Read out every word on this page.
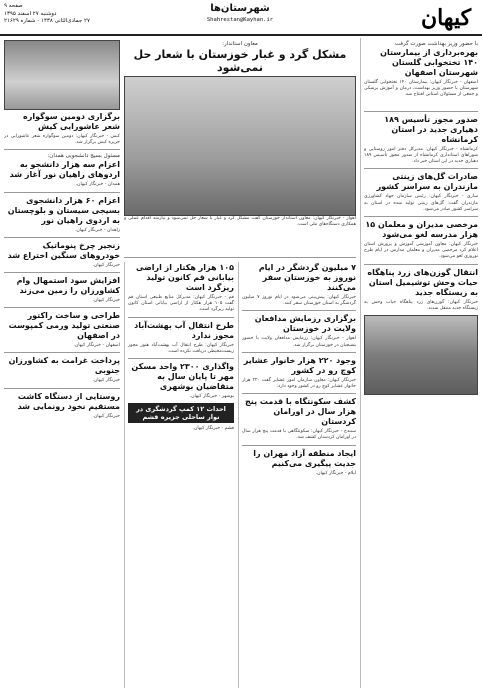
کیهان
شهرستان‌ها
Shahrestan@Kayhan.ir
صفحه ۹
دوشنبه ۲۷ اسفند ۱۳۹۵
۲۷ جمادی‌الثانی ۱۴۳۸ - شماره ۲۱۶۲۹
با حضور وزیر بهداشت صورت گرفت
بهره‌برداری از بیمارستان ۱۴۰ تختخوابی گلستان شهرستان اصفهان
اصفهان - خبرنگار کیهان: بیمارستان ۱۴۰ تختخوابی گلستان شهرستان با حضور وزیر بهداشت، درمان و آموزش پزشکی و جمعی از مسئولان استانی افتتاح شد.

صدور مجوز تأسیس ۱۸۹ دهیاری جدید در استان کرمانشاه
کرمانشاه - خبرنگار کیهان: مدیرکل دفتر امور روستایی و شوراهای استانداری کرمانشاه از صدور مجوز تأسیس ۱۸۹ دهیاری جدید در این استان خبر داد.
صادرات گل‌های زینتی مازندران به سراسر کشور
ساری - خبرنگار کیهان: رئیس سازمان جهاد کشاورزی مازندران گفت: گل‌های زینتی تولید شده در استان به سراسر کشور صادر می‌شود.
مرخصی مدیران و معلمان ۱۵ هزار مدرسه لغو می‌شود
خبرنگار کیهان: معاون آموزشی آموزش و پرورش استان اعلام کرد مرخصی مدیران و معلمان مدارس در ایام طرح نوروزی لغو می‌شود.
انتقال گوزن‌های زرد پناهگاه حیات وحش توشیمیل استان به زیستگاه جدید
خبرنگار کیهان: گوزن‌های زرد پناهگاه حیات وحش به زیستگاه جدید منتقل شدند.
معاون استاندار:
مشکل گرد و غبار خوزستان با شعار حل نمی‌شود
اهواز - خبرنگار کیهان: معاون استاندار خوزستان گفت مشکل گرد و غبار با شعار حل نمی‌شود و نیازمند اقدام عملی و همکاری دستگاه‌های ملی است.
۷ میلیون گردشگر در ایام نوروز به خوزستان سفر می‌کنند
خبرنگار کیهان: پیش‌بینی می‌شود در ایام نوروز ۷ میلیون گردشگر به استان خوزستان سفر کنند.
برگزاری رزمایش مدافعان ولایت در خوزستان
اهواز - خبرنگار کیهان: رزمایش مدافعان ولایت با حضور بسیجیان در خوزستان برگزار شد.
وجود ۲۲۰ هزار خانوار عشایر کوچ رو در کشور
خبرنگار کیهان: معاون سازمان امور عشایر گفت ۲۲۰ هزار خانوار عشایر کوچ رو در کشور وجود دارد.
کشف سکونتگاه با قدمت پنج هزار سال در اورامان کردستان
سنندج - خبرنگار کیهان: سکونتگاهی با قدمت پنج هزار سال در اورامان کردستان کشف شد.
ایجاد منطقه آزاد مهران را جدیت پیگیری می‌کنیم
ایلام - خبرنگار کیهان.
۱۰۵ هزار هکتار از اراضی بیابانی قم کانون تولید ریزگرد است
قم - خبرنگار کیهان: مدیرکل منابع طبیعی استان قم گفت ۱۰۵ هزار هکتار از اراضی بیابانی استان کانون تولید ریزگرد است.
طرح انتقال آب بهشت‌آباد مجوز ندارد
خبرنگار کیهان: طرح انتقال آب بهشت‌آباد هنوز مجوز زیست‌محیطی دریافت نکرده است.
واگذاری ۲۳۰۰ واحد مسکن مهر تا پایان سال به متقاضیان بوشهری
بوشهر - خبرنگار کیهان.
احداث ۱۲ کمپ گردشگری در نوار ساحلی جزیره قشم
قشم - خبرنگار کیهان.
برگزاری دومین سوگواره شعر عاشورایی کیش
کیش - خبرنگار کیهان: دومین سوگواره شعر عاشورایی در جزیره کیش برگزار شد.
مسئول بسیج دانشجویی همدان:
اعزام سه هزار دانشجو به اردوهای راهیان نور آغاز شد
همدان - خبرنگار کیهان.
اعزام ۶۰ هزار دانشجوی بسیجی سیستان و بلوچستان به اردوی راهیان نور
زاهدان - خبرنگار کیهان.
زنجیر چرخ پنوماتیک خودروهای سنگین اختراع شد
خبرنگار کیهان.
افزایش سود استمهال وام کشاورزان را زمین می‌زند
خبرنگار کیهان.
طراحی و ساخت راکتور صنعتی تولید ورمی کمپوست در اصفهان
اصفهان - خبرنگار کیهان.
پرداخت غرامت به کشاورزان جنوبی
خبرنگار کیهان.
روستایی از دستگاه کاشت مستقیم نخود رونمایی شد
خبرنگار کیهان.
